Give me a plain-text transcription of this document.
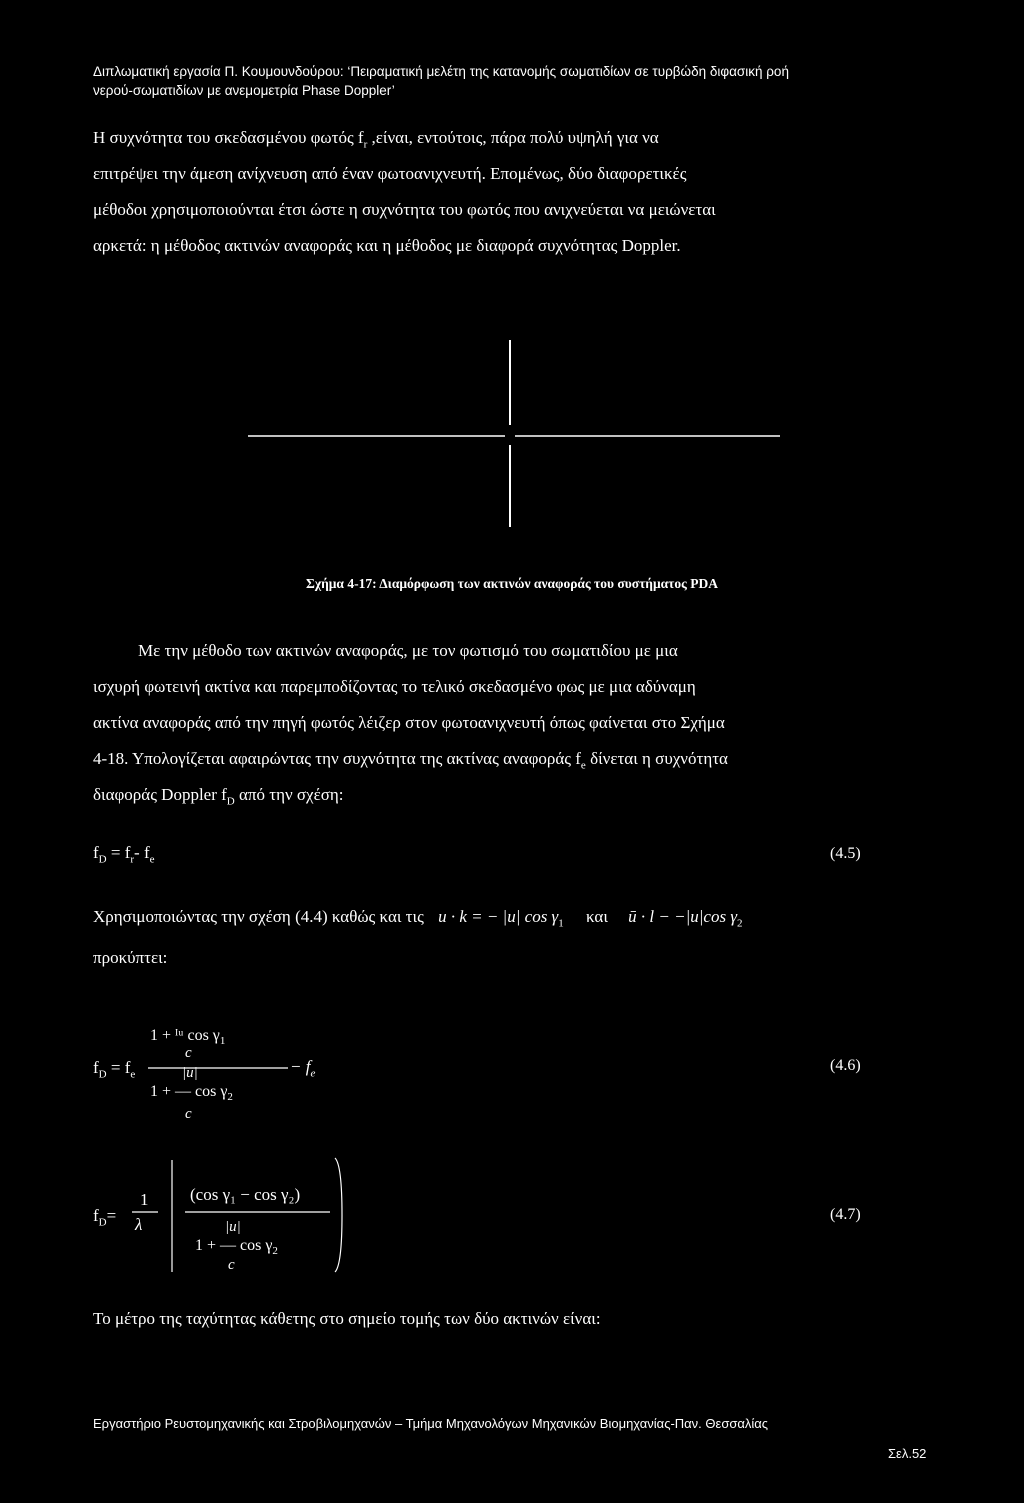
Διπλωματική εργασία Π. Κουμουνδούρου: ‘Πειραματική μελέτη της κατανομής σωματιδίων σε τυρβώδη διφασική ροή
νερού-σωματιδίων με ανεμομετρία Phase Doppler’
Η συχνότητα του σκεδασμένου φωτός $f_r$ ,είναι, εντούτοις, πάρα πολύ υψηλή για να
επιτρέψει την άμεση ανίχνευση από έναν φωτοανιχνευτή. Επομένως, δύο διαφορετικές
μέθοδοι χρησιμοποιούνται έτσι ώστε η συχνότητα του φωτός που ανιχνεύεται να μειώνεται
αρκετά: η μέθοδος ακτινών αναφοράς και η μέθοδος με διαφορά συχνότητας Doppler.
Σχήμα 4-17: Διαμόρφωση των ακτινών αναφοράς του συστήματος PDA
Με την μέθοδο των ακτινών αναφοράς, με τον φωτισμό του σωματιδίου με μια
ισχυρή φωτεινή ακτίνα και παρεμποδίζοντας το τελικό σκεδασμένο φως με μια αδύναμη
ακτίνα αναφοράς από την πηγή φωτός λέιζερ στον φωτοανιχνευτή όπως φαίνεται στο Σχήμα
4-18. Υπολογίζεται αφαιρώντας την συχνότητα της ακτίνας αναφοράς $f_e$ δίνεται η συχνότητα
διαφοράς Doppler $f_D$ από την σχέση:
$f_D = f_r-$ $f_e$	(4.5)
Χρησιμοποιώντας την σχέση (4.4) καθώς και τις u · k = − |u| $\cos \gamma_1$ και ū · l − −|u|cos $\gamma_2$
προκύπτει:
$f_D = f_e$
1 + ᴵᵘ $\cos \gamma_1$
c
|ū|
1 + — $\cos \gamma_2$
c
− $f_e$	(4.6)
$f_D=$
1
λ
(cos γ₁ − cos γ₂)
|u|
1 + — $\cos \gamma_2$
c
(4.7)
Το μέτρο της ταχύτητας κάθετης στο σημείο τομής των δύο ακτινών είναι:
Εργαστήριο Ρευστομηχανικής και Στροβιλομηχανών – Τμήμα Μηχανολόγων Μηχανικών Βιομηχανίας-Παν. Θεσσαλίας
Σελ.52
